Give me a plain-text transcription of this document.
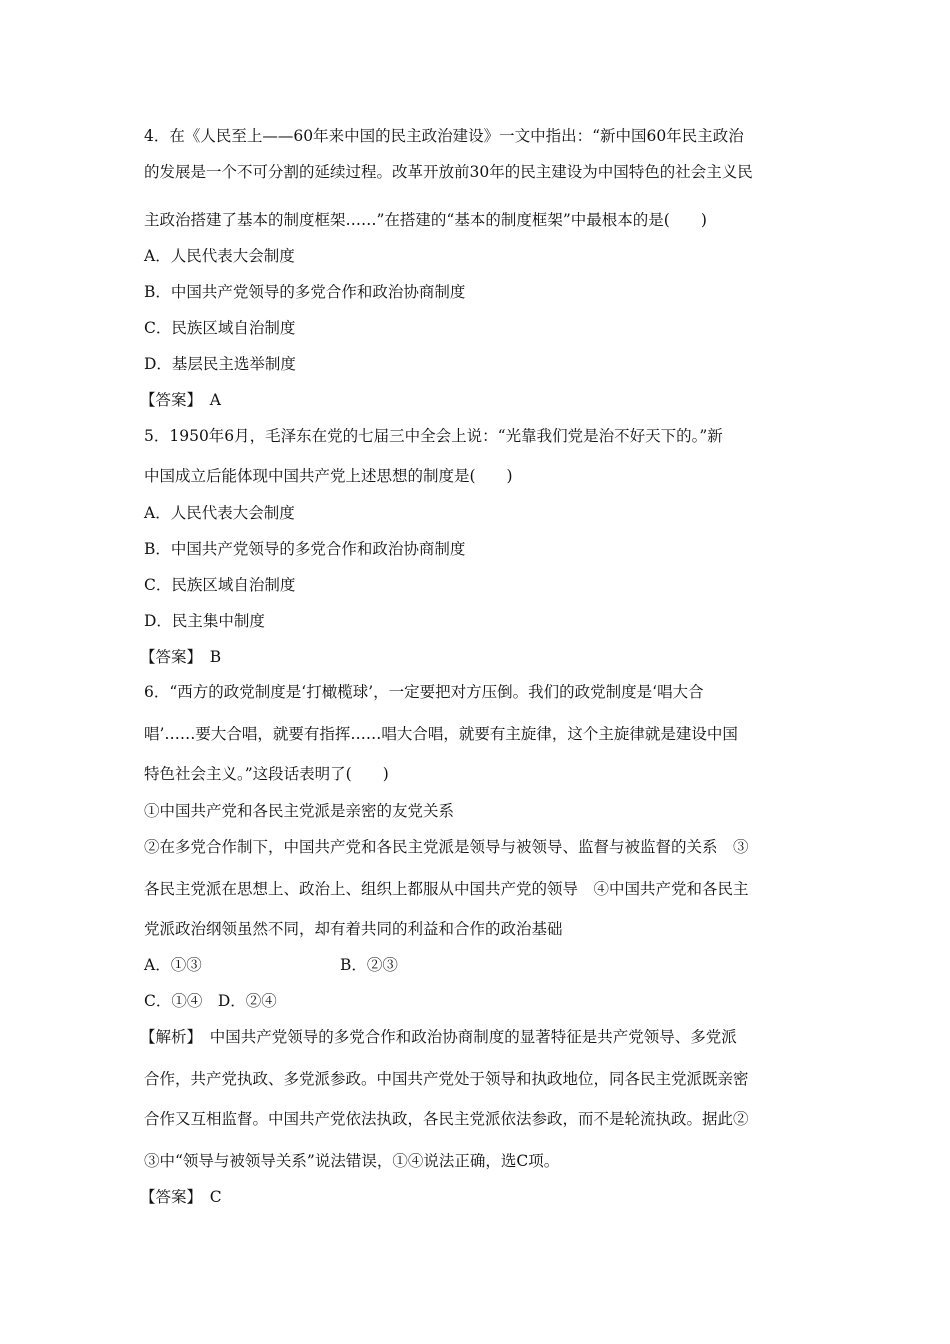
4．在《人民至上——60年来中国的民主政治建设》一文中指出：“新中国60年民主政治
的发展是一个不可分割的延续过程。改革开放前30年的民主建设为中国特色的社会主义民
主政治搭建了基本的制度框架……”在搭建的“基本的制度框架”中最根本的是(　　)
A．人民代表大会制度
B．中国共产党领导的多党合作和政治协商制度
C．民族区域自治制度
D．基层民主选举制度
【答案】　A
5．1950年6月，毛泽东在党的七届三中全会上说：“光靠我们党是治不好天下的。”新
中国成立后能体现中国共产党上述思想的制度是(　　)
A．人民代表大会制度
B．中国共产党领导的多党合作和政治协商制度
C．民族区域自治制度
D．民主集中制度
【答案】　B
6．“西方的政党制度是‘打橄榄球’，一定要把对方压倒。我们的政党制度是‘唱大合
唱’……要大合唱，就要有指挥……唱大合唱，就要有主旋律，这个主旋律就是建设中国
特色社会主义。”这段话表明了(　　)
①中国共产党和各民主党派是亲密的友党关系
②在多党合作制下，中国共产党和各民主党派是领导与被领导、监督与被监督的关系　③
各民主党派在思想上、政治上、组织上都服从中国共产党的领导　④中国共产党和各民主
党派政治纲领虽然不同，却有着共同的利益和合作的政治基础
A．①③	B．②③
C．①④　D．②④
【解析】　中国共产党领导的多党合作和政治协商制度的显著特征是共产党领导、多党派
合作，共产党执政、多党派参政。中国共产党处于领导和执政地位，同各民主党派既亲密
合作又互相监督。中国共产党依法执政，各民主党派依法参政，而不是轮流执政。据此②
③中“领导与被领导关系”说法错误，①④说法正确，选C项。
【答案】　C
